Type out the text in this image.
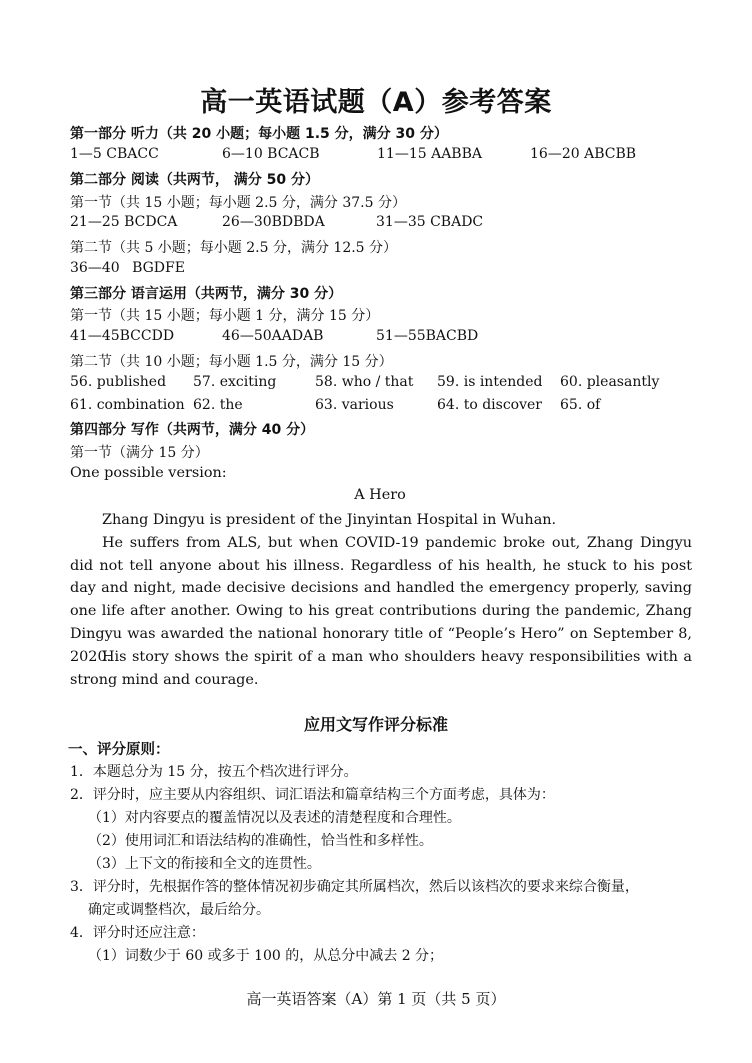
高一英语试题（A）参考答案
第一部分 听力（共 20 小题；每小题 1.5 分，满分 30 分）
1—5 CBACC	6—10 BCACB	11—15 AABBA	16—20 ABCBB
第二部分 阅读（共两节， 满分 50 分）
第一节（共 15 小题；每小题 2.5 分，满分 37.5 分）
21—25 BCDCA	26—30BDBDA	31—35 CBADC
第二节（共 5 小题；每小题 2.5 分，满分 12.5 分）
36—40 BGDFE
第三部分 语言运用（共两节，满分 30 分）
第一节（共 15 小题；每小题 1 分，满分 15 分）
41—45BCCDD	46—50AADAB	51—55BACBD
第二节（共 10 小题；每小题 1.5 分，满分 15 分）
56. published 57. exciting	58. who / that 59. is intended 60. pleasantly
61. combination 62. the	63. various	64. to discover 65. of
第四部分 写作（共两节，满分 40 分）
第一节（满分 15 分）
One possible version:
A Hero
Zhang Dingyu is president of the Jinyintan Hospital in Wuhan.
He suffers from ALS, but when COVID-19 pandemic broke out, Zhang Dingyu did not tell anyone about his illness. Regardless of his health, he stuck to his post day and night, made decisive decisions and handled the emergency properly, saving one life after another. Owing to his great contributions during the pandemic, Zhang Dingyu was awarded the national honorary title of “People’s Hero” on September 8, 2020.
His story shows the spirit of a man who shoulders heavy responsibilities with a strong mind and courage.
应用文写作评分标准
一、评分原则：
1．本题总分为 15 分，按五个档次进行评分。
2．评分时，应主要从内容组织、词汇语法和篇章结构三个方面考虑，具体为：
（1）对内容要点的覆盖情况以及表述的清楚程度和合理性。
（2）使用词汇和语法结构的准确性，恰当性和多样性。
（3）上下文的衔接和全文的连贯性。
3．评分时，先根据作答的整体情况初步确定其所属档次，然后以该档次的要求来综合衡量，
确定或调整档次，最后给分。
4．评分时还应注意：
（1）词数少于 60 或多于 100 的，从总分中减去 2 分；
高一英语答案（A）第 1 页（共 5 页）
